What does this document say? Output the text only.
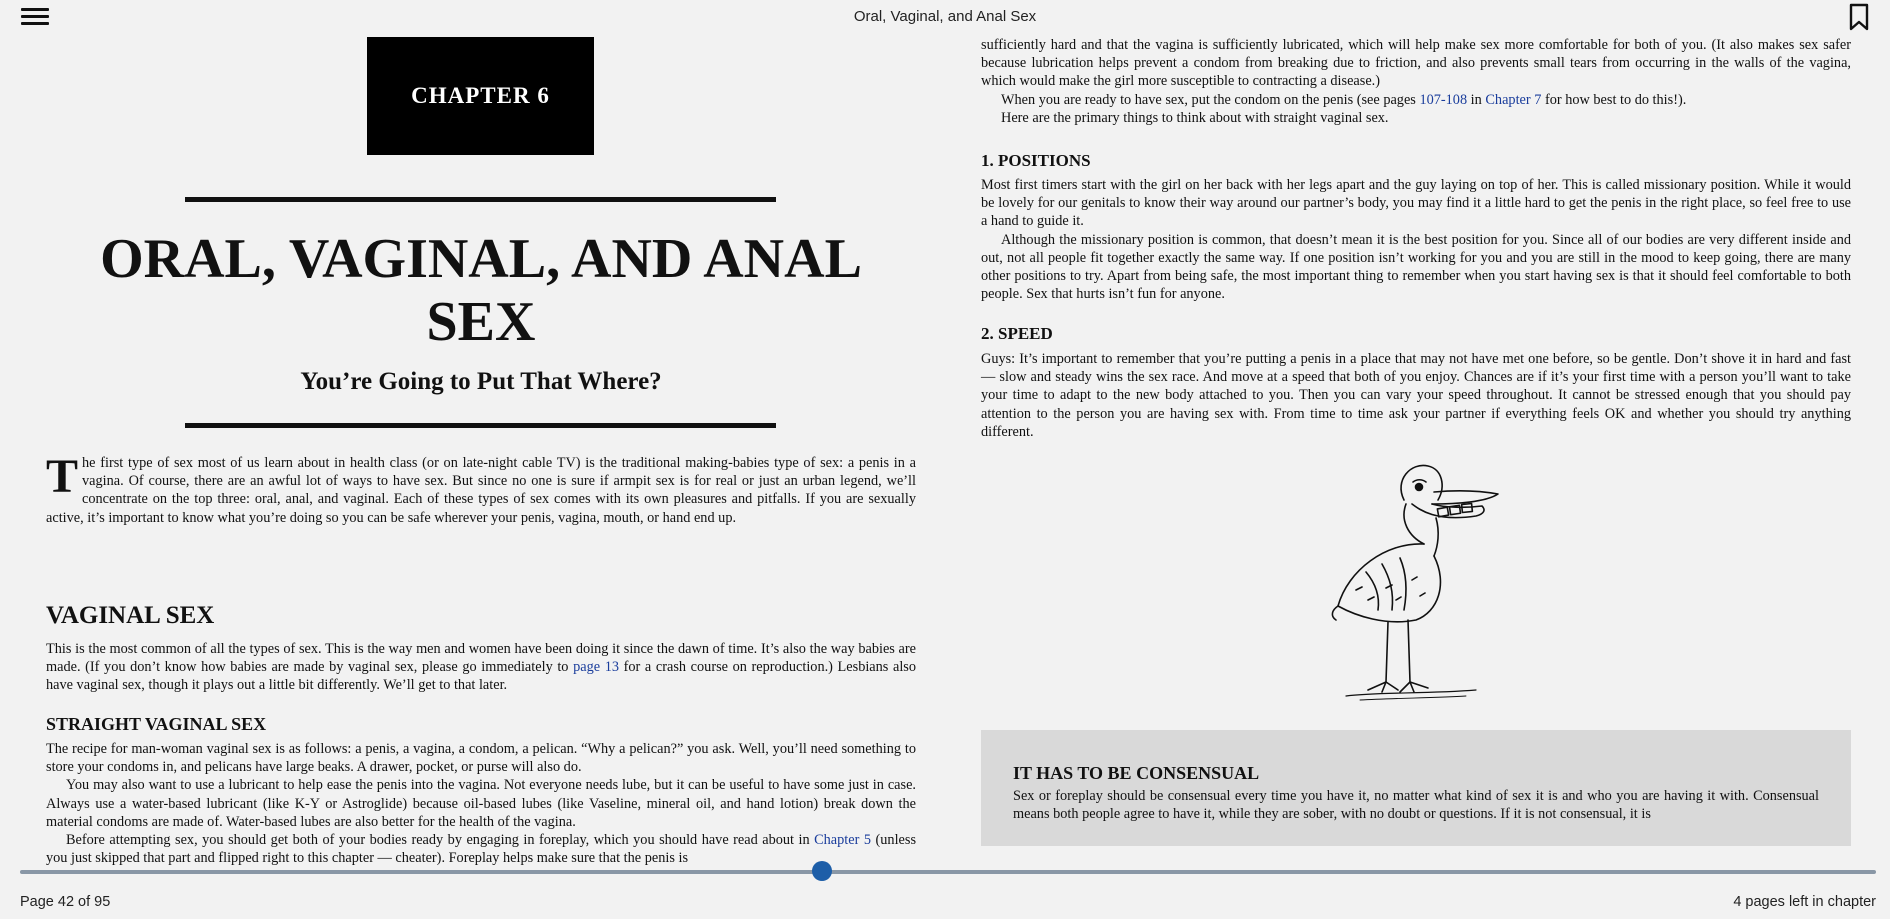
Oral, Vaginal, and Anal Sex
CHAPTER 6
ORAL, VAGINAL, AND ANAL SEX
You’re Going to Put That Where?
The first type of sex most of us learn about in health class (or on late-night cable TV) is the traditional making-babies type of sex: a penis in a vagina. Of course, there are an awful lot of ways to have sex. But since no one is sure if armpit sex is for real or just an urban legend, we’ll concentrate on the top three: oral, anal, and vaginal. Each of these types of sex comes with its own pleasures and pitfalls. If you are sexually active, it’s important to know what you’re doing so you can be safe wherever your penis, vagina, mouth, or hand end up.
VAGINAL SEX

This is the most common of all the types of sex. This is the way men and women have been doing it since the dawn of time. It’s also the way babies are made. (If you don’t know how babies are made by vaginal sex, please go immediately to page 13 for a crash course on reproduction.) Lesbians also have vaginal sex, though it plays out a little bit differently. We’ll get to that later.

STRAIGHT VAGINAL SEX

The recipe for man-woman vaginal sex is as follows: a penis, a vagina, a condom, a pelican. “Why a pelican?” you ask. Well, you’ll need something to store your condoms in, and pelicans have large beaks. A drawer, pocket, or purse will also do.

You may also want to use a lubricant to help ease the penis into the vagina. Not everyone needs lube, but it can be useful to have some just in case. Always use a water-based lubricant (like K-Y or Astroglide) because oil-based lubes (like Vaseline, mineral oil, and hand lotion) break down the material condoms are made of. Water-based lubes are also better for the health of the vagina.

Before attempting sex, you should get both of your bodies ready by engaging in foreplay, which you should have read about in Chapter 5 (unless you just skipped that part and flipped right to this chapter — cheater). Foreplay helps make sure that the penis is

sufficiently hard and that the vagina is sufficiently lubricated, which will help make sex more comfortable for both of you. (It also makes sex safer because lubrication helps prevent a condom from breaking due to friction, and also prevents small tears from occurring in the walls of the vagina, which would make the girl more susceptible to contracting a disease.)

When you are ready to have sex, put the condom on the penis (see pages 107-108 in Chapter 7 for how best to do this!).

Here are the primary things to think about with straight vaginal sex.

1. POSITIONS

Most first timers start with the girl on her back with her legs apart and the guy laying on top of her. This is called missionary position. While it would be lovely for our genitals to know their way around our partner’s body, you may find it a little hard to get the penis in the right place, so feel free to use a hand to guide it.

Although the missionary position is common, that doesn’t mean it is the best position for you. Since all of our bodies are very different inside and out, not all people fit together exactly the same way. If one position isn’t working for you and you are still in the mood to keep going, there are many other positions to try. Apart from being safe, the most important thing to remember when you start having sex is that it should feel comfortable to both people. Sex that hurts isn’t fun for anyone.

2. SPEED

Guys: It’s important to remember that you’re putting a penis in a place that may not have met one before, so be gentle. Don’t shove it in hard and fast — slow and steady wins the sex race. And move at a speed that both of you enjoy. Chances are if it’s your first time with a person you’ll want to take your time to adapt to the new body attached to you. Then you can vary your speed throughout. It cannot be stressed enough that you should pay attention to the person you are having sex with. From time to time ask your partner if everything feels OK and whether you should try anything different.

IT HAS TO BE CONSENSUAL
Sex or foreplay should be consensual every time you have it, no matter what kind of sex it is and who you are having it with. Consensual means both people agree to have it, while they are sober, with no doubt or questions. If it is not consensual, it is
Page 42 of 95	4 pages left in chapter
